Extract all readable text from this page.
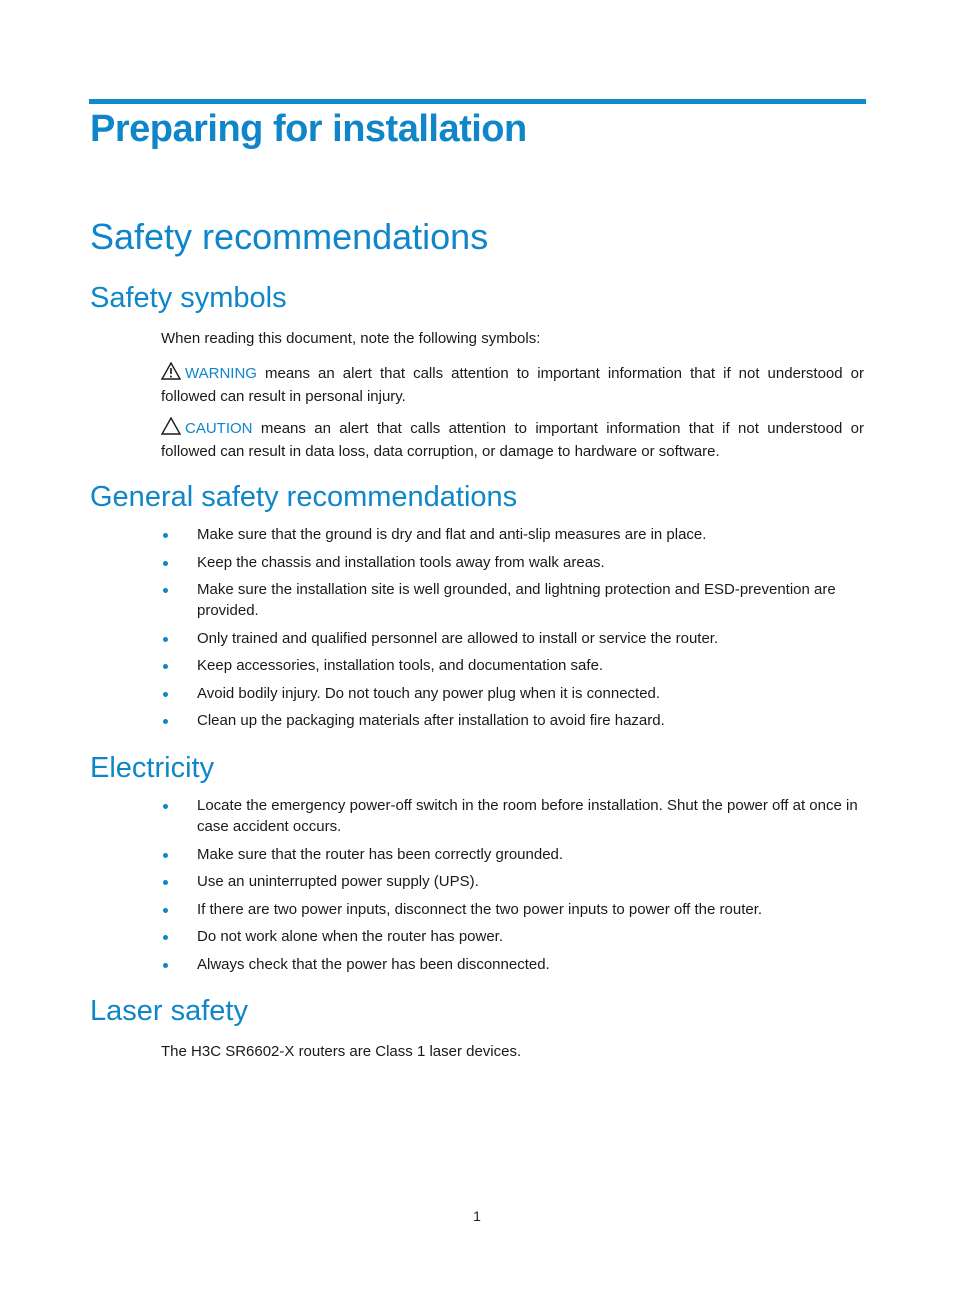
Preparing for installation
Safety recommendations
Safety symbols

When reading this document, note the following symbols:

WARNING means an alert that calls attention to important information that if not understood or followed can result in personal injury.

CAUTION means an alert that calls attention to important information that if not understood or followed can result in data loss, data corruption, or damage to hardware or software.

General safety recommendations
Make sure that the ground is dry and flat and anti-slip measures are in place.
Keep the chassis and installation tools away from walk areas.
Make sure the installation site is well grounded, and lightning protection and ESD-prevention are provided.
Only trained and qualified personnel are allowed to install or service the router.
Keep accessories, installation tools, and documentation safe.
Avoid bodily injury. Do not touch any power plug when it is connected.
Clean up the packaging materials after installation to avoid fire hazard.
Electricity
Locate the emergency power-off switch in the room before installation. Shut the power off at once in case accident occurs.
Make sure that the router has been correctly grounded.
Use an uninterrupted power supply (UPS).
If there are two power inputs, disconnect the two power inputs to power off the router.
Do not work alone when the router has power.
Always check that the power has been disconnected.
Laser safety

The H3C SR6602-X routers are Class 1 laser devices.

1
